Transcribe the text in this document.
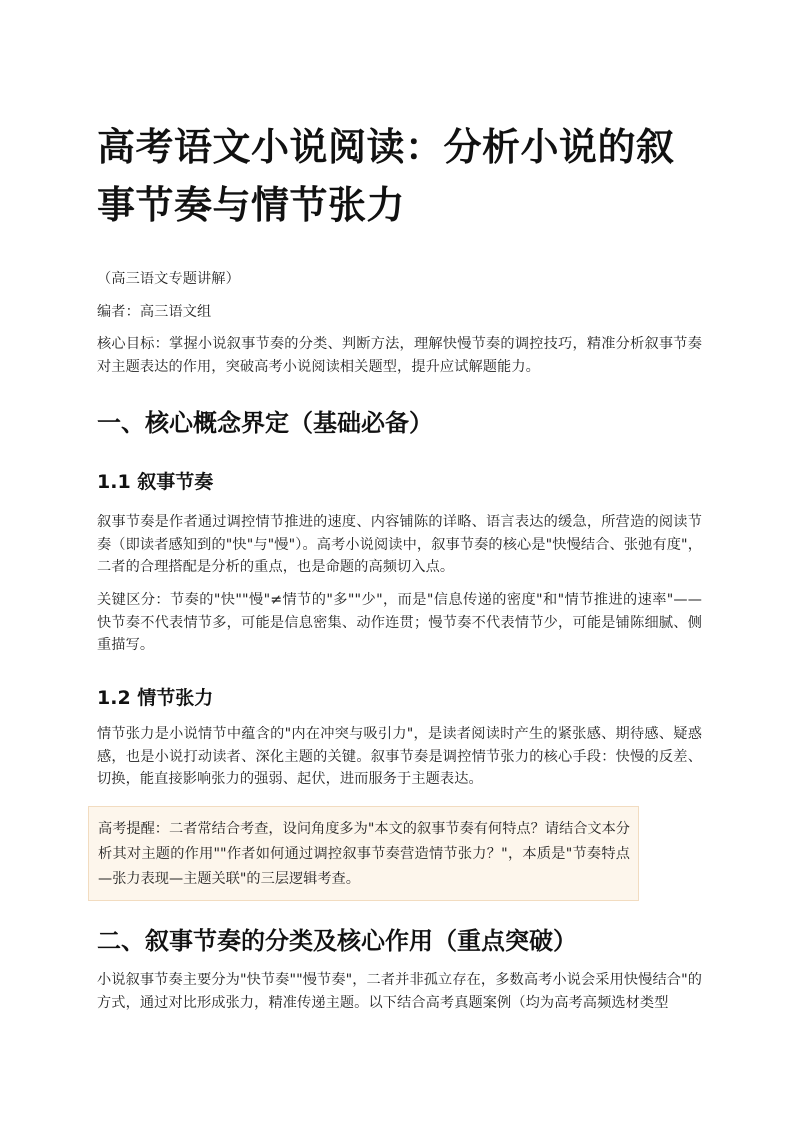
高考语文小说阅读：分析小说的叙事节奏与情节张力

（高三语文专题讲解）

编者：高三语文组

核心目标：掌握小说叙事节奏的分类、判断方法，理解快慢节奏的调控技巧，精准分析叙事节奏对主题表达的作用，突破高考小说阅读相关题型，提升应试解题能力。

一、核心概念界定（基础必备）
1.1 叙事节奏

叙事节奏是作者通过调控情节推进的速度、内容铺陈的详略、语言表达的缓急，所营造的阅读节奏（即读者感知到的"快"与"慢"）。高考小说阅读中，叙事节奏的核心是"快慢结合、张弛有度"，二者的合理搭配是分析的重点，也是命题的高频切入点。

关键区分：节奏的"快""慢"≠情节的"多""少"，而是"信息传递的密度"和"情节推进的速率"——快节奏不代表情节多，可能是信息密集、动作连贯；慢节奏不代表情节少，可能是铺陈细腻、侧重描写。

1.2 情节张力

情节张力是小说情节中蕴含的"内在冲突与吸引力"，是读者阅读时产生的紧张感、期待感、疑惑感，也是小说打动读者、深化主题的关键。叙事节奏是调控情节张力的核心手段：快慢的反差、切换，能直接影响张力的强弱、起伏，进而服务于主题表达。

高考提醒：二者常结合考查，设问角度多为"本文的叙事节奏有何特点？请结合文本分析其对主题的作用""作者如何通过调控叙事节奏营造情节张力？"，本质是"节奏特点—张力表现—主题关联"的三层逻辑考查。

二、叙事节奏的分类及核心作用（重点突破）

小说叙事节奏主要分为"快节奏""慢节奏"，二者并非孤立存在，多数高考小说会采用快慢结合"的方式，通过对比形成张力，精准传递主题。以下结合高考真题案例（均为高考高频选材类型
